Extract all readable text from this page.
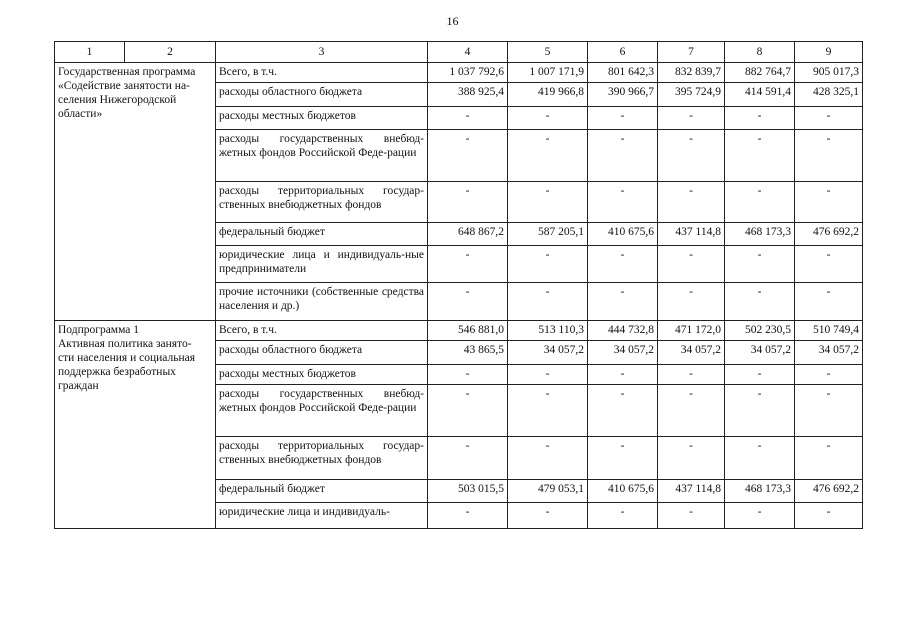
16
1	2	3	4	5	6	7	8	9

Государственная программа
«Содействие занятости на-
селения Нижегородской
области»		Всего, в т.ч.	1 037 792,6	1 007 171,9	801 642,3	832 839,7	882 764,7	905 017,3
		расходы областного бюджета	388 925,4	419 966,8	390 966,7	395 724,9	414 591,4	428 325,1
		расходы местных бюджетов	-	-	-	-	-	-
		расходы государственных внебюд-жетных фондов Российской Феде-рации	-	-	-	-	-	-
		расходы территориальных государ-ственных внебюджетных фондов	-	-	-	-	-	-
		федеральный бюджет	648 867,2	587 205,1	410 675,6	437 114,8	468 173,3	476 692,2
		юридические лица и индивидуаль-ные предприниматели	-	-	-	-	-	-
		прочие источники (собственные средства населения и др.)	-	-	-	-	-	-

Подпрограмма 1
Активная политика занято-
сти населения и социальная
поддержка безработных
граждан		Всего, в т.ч.	546 881,0	513 110,3	444 732,8	471 172,0	502 230,5	510 749,4
		расходы областного бюджета	43 865,5	34 057,2	34 057,2	34 057,2	34 057,2	34 057,2
		расходы местных бюджетов	-	-	-	-	-	-
		расходы государственных внебюд-жетных фондов Российской Феде-рации	-	-	-	-	-	-
		расходы территориальных государ-ственных внебюджетных фондов	-	-	-	-	-	-
		федеральный бюджет	503 015,5	479 053,1	410 675,6	437 114,8	468 173,3	476 692,2
		юридические лица и индивидуаль-	-	-	-	-	-	-
